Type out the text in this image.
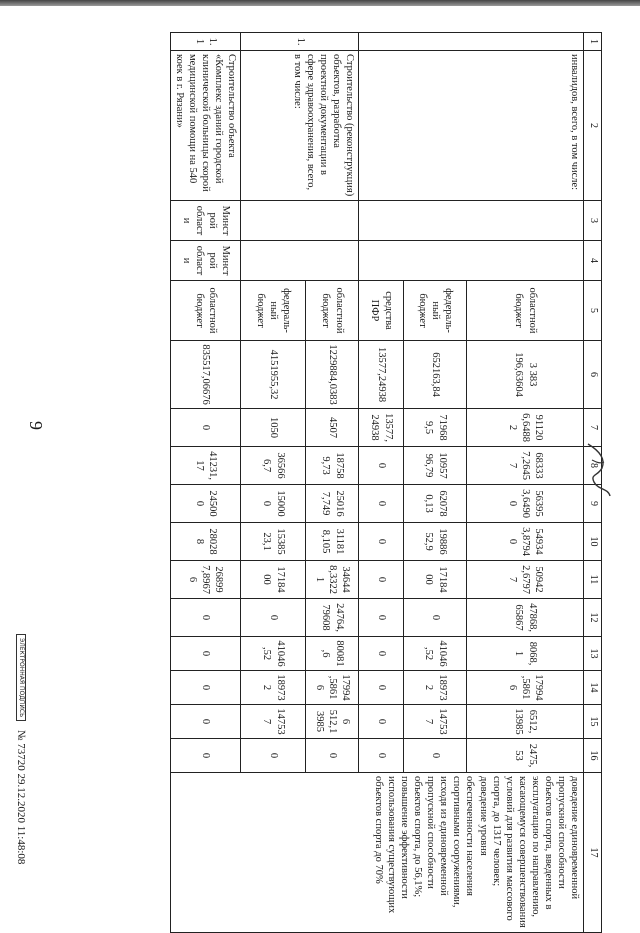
9
1	2	3	4	5	6	7	8	9	10	11	12	13	14	15	16	17
	инвалидов, всего, в том числе:			областной бюджет	3 383 196,63604	911206,64882	683337,26457	563953,64900	549343,87940	509422,67977	47868,65867	8068,1	17994,58616	6512,13985	2475,53	доведение единовременной пропускной способности объектов спорта, введенных в эксплуатацию по направлению, касающемуся совершенствования условий для развития массового спорта, до 1317 человек; доведение уровня обеспеченности населения спортивными сооружениями, исходя из единовременной пропускной способности объектов спорта, до 56,1%; повышение эффективности использования существующих объектов спорта до 70%
				федераль-ный бюджет	652163,84	719689,5	1095796,79	620780,13	1988652,9	1718400	0	41046,52	189732	147537	0	
				средства ПФР	13577,24938	13577,24938	0	0	0	0	0	0	0	0	0	
1.	Строительство (реконструкция) объектов, разработка проектной документации в сфере здравоохранения, всего, в том числе:			областной бюджет	1229884,0383	4507	187589,73	250167,749	311818,105	346448,33221	24764,79608	80081,6	17994,58616	6 512,13985	0	
				федераль-ный бюджет	4151955,32	1050	365666,7	150000	1538523,1	1718400	0	41046,52	189732	147537	0	
1.1	Строительство объекта «Комплекс зданий городской клинической больницы скорой медицинской помощи на 540 коек в г. Рязани»	Минстрой области	Минстрой области	областной бюджет	835517,06676	0	41231,17	245000	280288	268997,89676	0	0	0	0	0	
ЭЛЕКТРОННАЯ ПОДПИСЬ № 73720 29.12.2020 11:48:08
